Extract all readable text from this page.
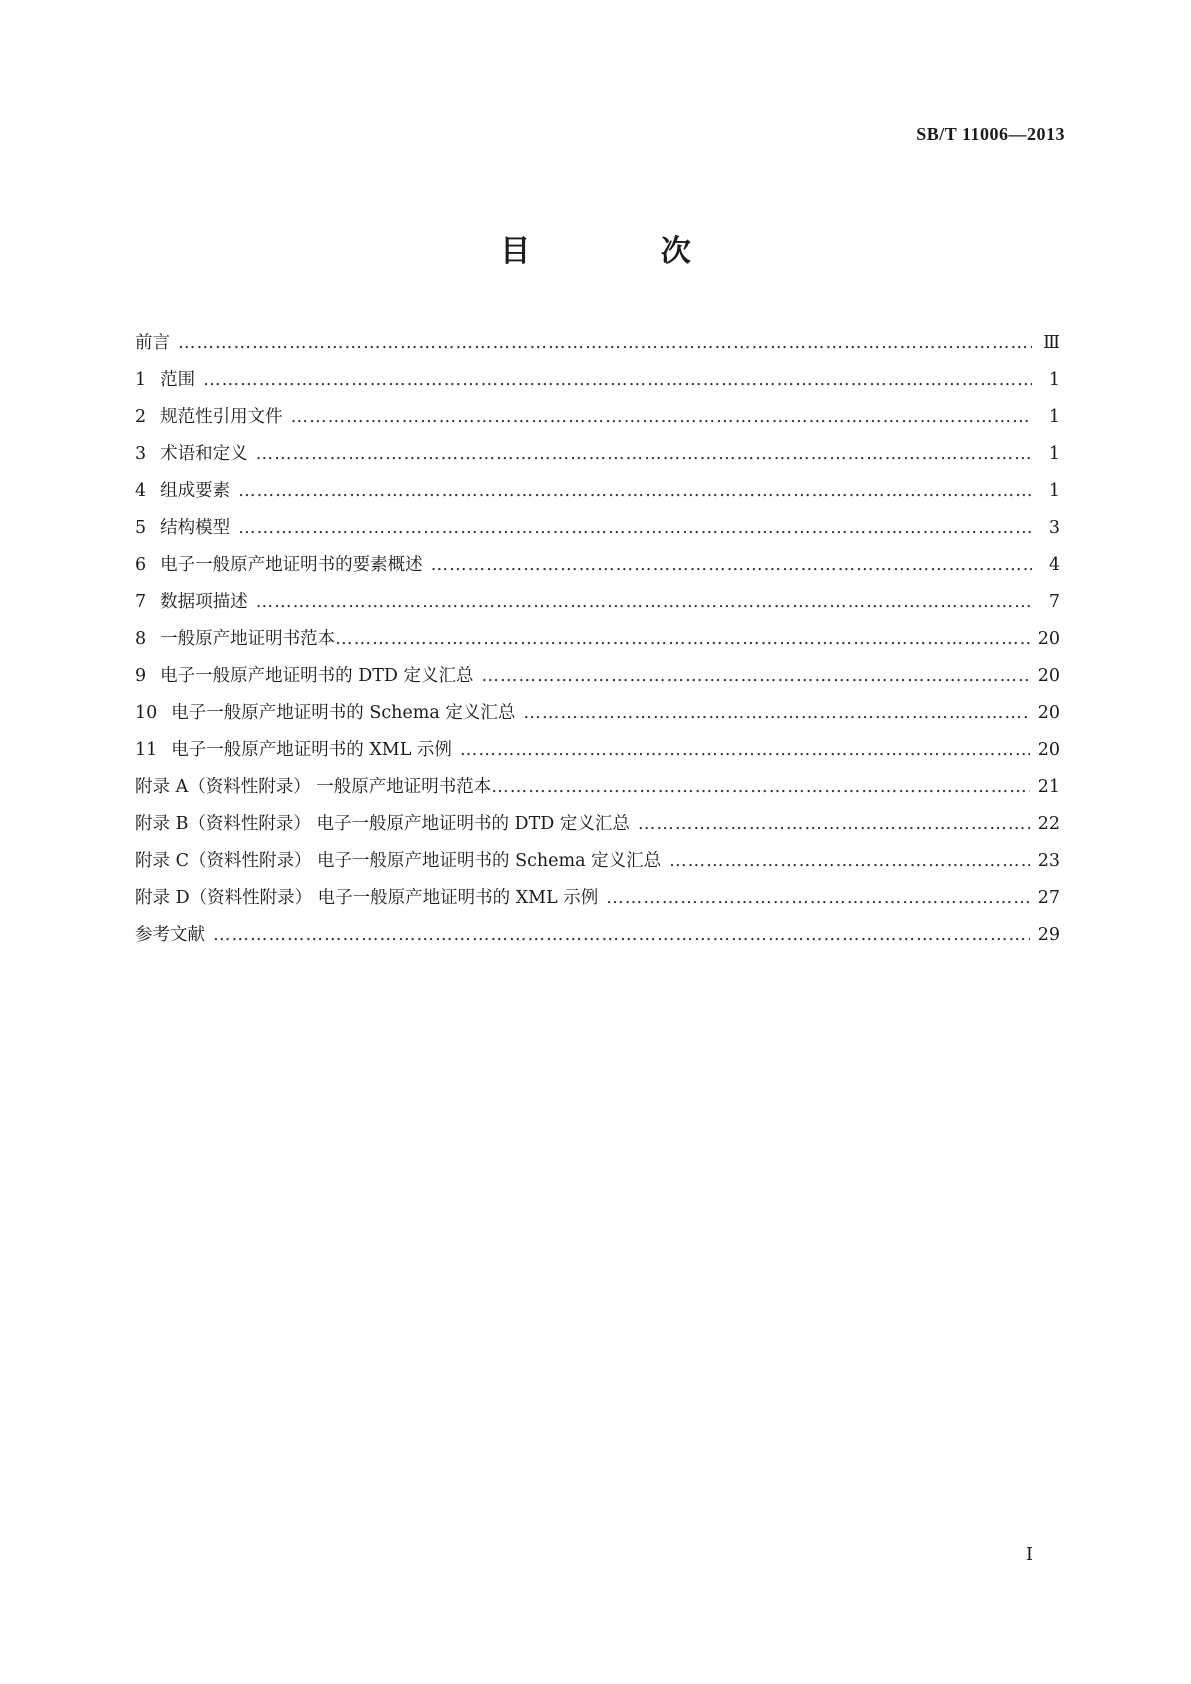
SB/T 11006—2013
目 次
前言 ………………………………………………………………………………………………………………………………………………………………………………………………………………	Ⅲ
1 范围 ………………………………………………………………………………………………………………………………………………………………………………………………………………	1
2 规范性引用文件 ………………………………………………………………………………………………………………………………………………………………………………………………………………	1
3 术语和定义 ………………………………………………………………………………………………………………………………………………………………………………………………………………	1
4 组成要素 ………………………………………………………………………………………………………………………………………………………………………………………………………………	1
5 结构模型 ………………………………………………………………………………………………………………………………………………………………………………………………………………	3
6 电子一般原产地证明书的要素概述 ………………………………………………………………………………………………………………………………………………………………………………………………………………	4
7 数据项描述 ………………………………………………………………………………………………………………………………………………………………………………………………………………	7
8 一般原产地证明书范本 ………………………………………………………………………………………………………………………………………………………………………………………………………………	20
9 电子一般原产地证明书的 DTD 定义汇总 ………………………………………………………………………………………………………………………………………………………………………………………………………………	20
10 电子一般原产地证明书的 Schema 定义汇总 ………………………………………………………………………………………………………………………………………………………………………………………………………………	20
11 电子一般原产地证明书的 XML 示例 ………………………………………………………………………………………………………………………………………………………………………………………………………………	20
附录 A（资料性附录） 一般原产地证明书范本 ………………………………………………………………………………………………………………………………………………………………………………………………………………	21
附录 B（资料性附录） 电子一般原产地证明书的 DTD 定义汇总 ………………………………………………………………………………………………………………………………………………………………………………………………………………	22
附录 C（资料性附录） 电子一般原产地证明书的 Schema 定义汇总 ………………………………………………………………………………………………………………………………………………………………………………………………………………	23
附录 D（资料性附录） 电子一般原产地证明书的 XML 示例 ………………………………………………………………………………………………………………………………………………………………………………………………………………	27
参考文献 ………………………………………………………………………………………………………………………………………………………………………………………………………………	29
I
